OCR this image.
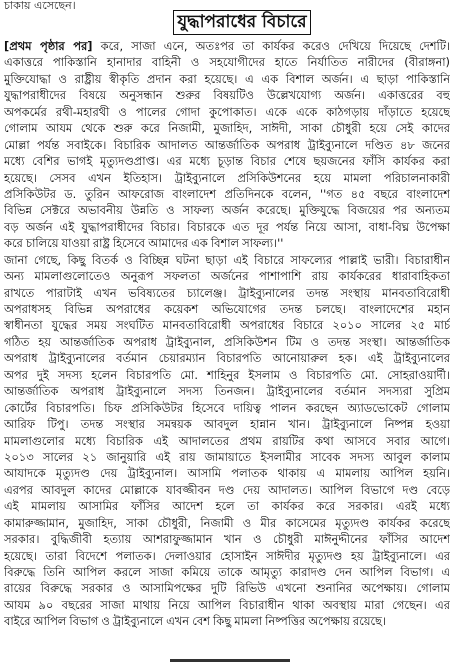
চাকায় এসেছেন।
যুদ্ধাপরাধের বিচারে
[প্রথম পৃষ্ঠার পর] করে, সাজা এনে, অতঃপর তা কার্যকর করেও দেখিয়ে দিয়েছে দেশটি।
একাত্তরে পাকিস্তানি হানাদার বাহিনী ও সহযোগীদের হাতে নির্যাতিত নারীদের (বীরাঙ্গনা)
মুক্তিযোদ্ধা ও রাষ্ট্রীয় স্বীকৃতি প্রদান করা হয়েছে। এ এক বিশাল অর্জন। এ ছাড়া পাকিস্তানি
যুদ্ধাপরাধীদের বিষয়ে অনুসন্ধান শুরুর বিষয়টিও উল্লেখযোগ্য অর্জন। একাত্তরের বহু
অপকর্মের রথী-মহারথী ও পালের গোদা কুপোকাত। একে একে কাঠগড়ায় দাঁড়াতে হয়েছে
গোলাম আযম থেকে শুরু করে নিজামী, মুজাহিদ, সাঈদী, সাকা চৌধুরী হয়ে সেই কাদের
মোল্লা পর্যন্ত সবাইকে। বিচারিক আদালত আন্তর্জাতিক অপরাধ ট্রাইব্যুনালে দণ্ডিত ৪৮ জনের
মধ্যে বেশির ভাগই মৃত্যুদণ্ডপ্রাপ্ত। এর মধ্যে চূড়ান্ত বিচার শেষে ছয়জনের ফাঁসি কার্যকর করা
হয়েছে। সেসব এখন ইতিহাস। ট্রাইব্যুনালে প্রসিকিউশনের হয়ে মামলা পরিচালনাকারী
প্রসিকিউটর ড. তুরিন আফরোজ বাংলাদেশ প্রতিদিনকে বলেন, ''গত ৪৫ বছরে বাংলাদেশ
বিভিন্ন সেক্টরে অভাবনীয় উন্নতি ও সাফল্য অর্জন করেছে। মুক্তিযুদ্ধে বিজয়ের পর অন্যতম
বড় অর্জন এই যুদ্ধাপরাধীদের বিচার। বিচারকে এত দূর পর্যন্ত নিয়ে আসা, বাধা-বিঘ্ন উপেক্ষা
করে চালিয়ে যাওয়া রাষ্ট্র হিসেবে আমাদের এক বিশাল সাফল্য।''
জানা গেছে, কিছু বিতর্ক ও বিচ্ছিন্ন ঘটনা ছাড়া এই বিচারে সাফল্যের পাল্লাই ভারী। বিচারাধীন
অন্য মামলাগুলোতেও অনুরূপ সফলতা অর্জনের পাশাপাশি রায় কার্যকরের ধারাবাহিকতা
রাখতে পারাটাই এখন ভবিষ্যতের চ্যালেঞ্জ। ট্রাইব্যুনালের তদন্ত সংস্থায় মানবতাবিরোধী
অপরাধসহ বিভিন্ন অপরাধের কয়েকশ অভিযোগের তদন্ত চলছে। বাংলাদেশের মহান
স্বাধীনতা যুদ্ধের সময় সংঘটিত মানবতাবিরোধী অপরাধের বিচারে ২০১০ সালের ২৫ মার্চ
গঠিত হয় আন্তর্জাতিক অপরাধ ট্রাইব্যুনাল, প্রসিকিউশন টিম ও তদন্ত সংস্থা। আন্তর্জাতিক
অপরাধ ট্রাইব্যুনালের বর্তমান চেয়ারম্যান বিচারপতি আনোয়ারুল হক। এই ট্রাইব্যুনালের
অপর দুই সদস্য হলেন বিচারপতি মো. শাহিনুর ইসলাম ও বিচারপতি মো. সোহরাওয়ার্দী।
আন্তর্জাতিক অপরাধ ট্রাইব্যুনালে সদস্য তিনজন। ট্রাইব্যুনালের বর্তমান সদস্যরা সুপ্রিম
কোর্টের বিচারপতি। চিফ প্রসিকিউটর হিসেবে দায়িত্ব পালন করছেন অ্যাডভোকেট গোলাম
আরিফ টিপু। তদন্ত সংস্থার সমন্বয়ক আবদুল হান্নান খান। ট্রাইব্যুনালে নিষ্পন্ন হওয়া
মামলাগুলোর মধ্যে বিচারিক এই আদালতের প্রথম রায়টির কথা আসবে সবার আগে।
২০১৩ সালের ২১ জানুয়ারি এই রায় জামায়াতে ইসলামীর সাবেক সদস্য আবুল কালাম
আযাদকে মৃত্যুদণ্ড দেয় ট্রাইব্যুনাল। আসামি পলাতক থাকায় এ মামলায় আপিল হয়নি।
এরপর আবদুল কাদের মোল্লাকে যাবজ্জীবন দণ্ড দেয় আদালত। আপিল বিভাগে দণ্ড বেড়ে
এই মামলায় আসামির ফাঁসির আদেশ হলে তা কার্যকর করে সরকার। এরই মধ্যে
কামারুজ্জামান, মুজাহিদ, সাকা চৌধুরী, নিজামী ও মীর কাসেমের মৃত্যুদণ্ড কার্যকর করেছে
সরকার। বুদ্ধিজীবী হত্যায় আশরাফুজ্জামান খান ও চৌধুরী মাঈনুদ্দীনের ফাঁসির আদেশ
হয়েছে। তারা বিদেশে পলাতক। দেলাওয়ার হোসাইন সাঈদীর মৃত্যুদণ্ড হয় ট্রাইব্যুনালে। এর
বিরুদ্ধে তিনি আপিল করলে সাজা কমিয়ে তাকে আমৃত্যু কারাদণ্ড দেন আপিল বিভাগ। এ
রায়ের বিরুদ্ধে সরকার ও আসামিপক্ষের দুটি রিভিউ এখনো শুনানির অপেক্ষায়। গোলাম
আযম ৯০ বছরের সাজা মাথায় নিয়ে আপিল বিচারাধীন থাকা অবস্থায় মারা গেছেন। এর
বাইরে আপিল বিভাগ ও ট্রাইব্যুনালে এখন বেশ কিছু মামলা নিষ্পত্তির অপেক্ষায় রয়েছে।
